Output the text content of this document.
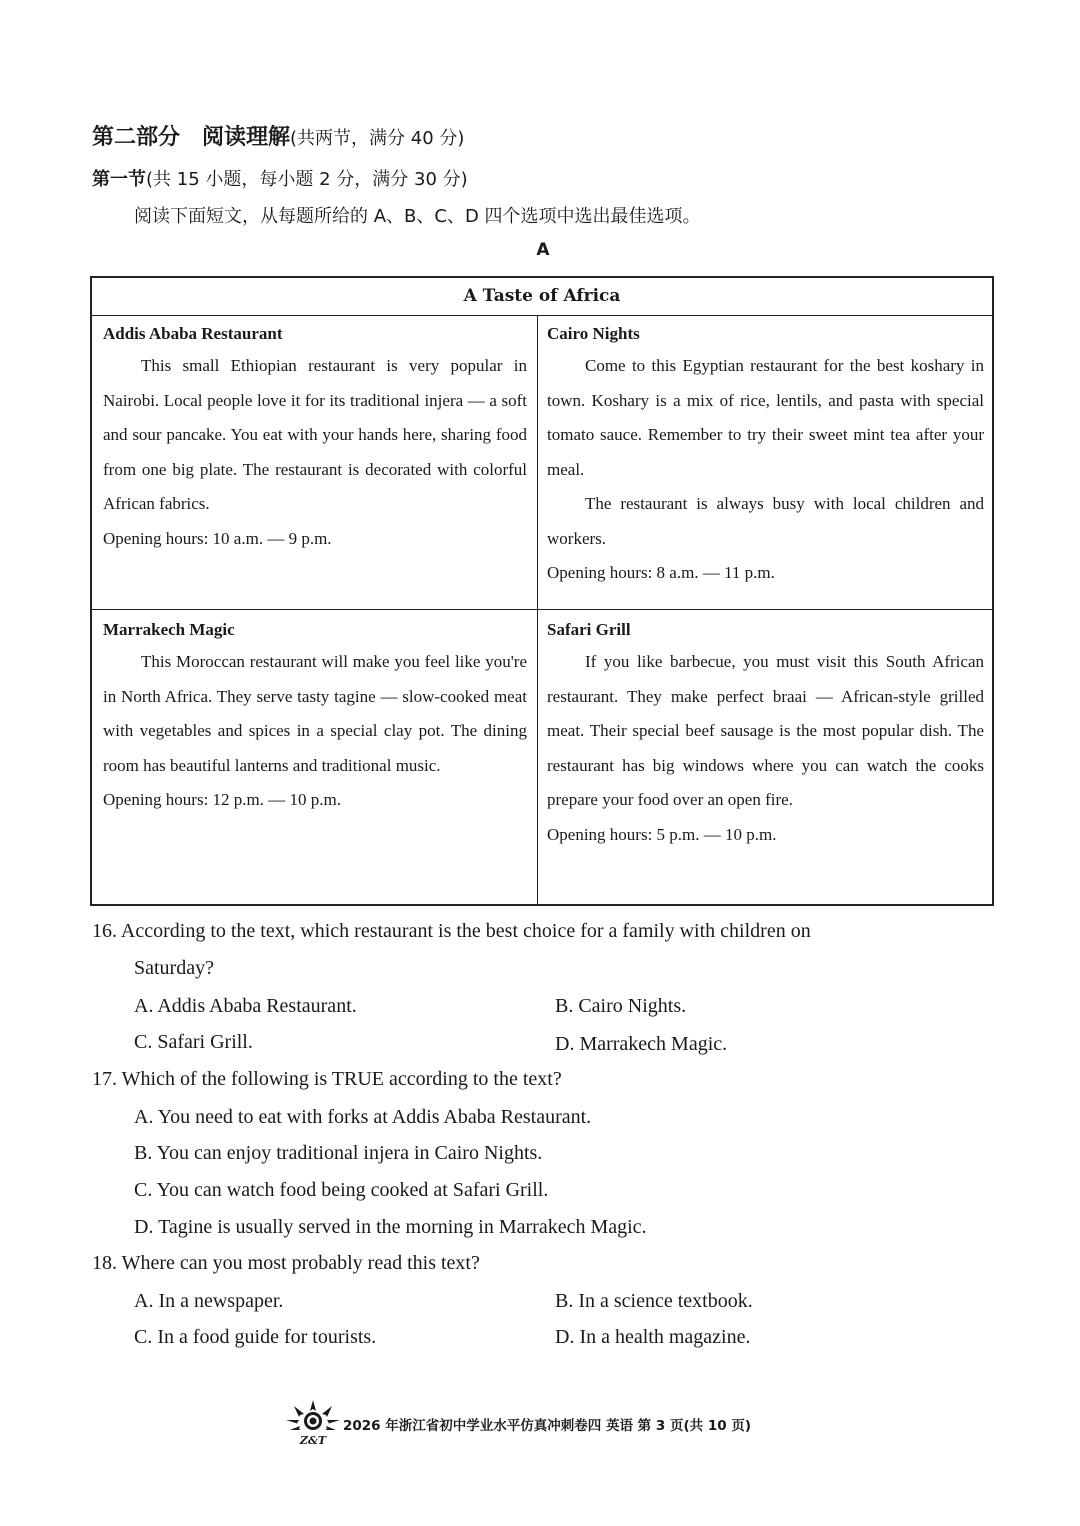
第二部分　阅读理解(共两节，满分 40 分)
第一节(共 15 小题，每小题 2 分，满分 30 分)
阅读下面短文，从每题所给的 A、B、C、D 四个选项中选出最佳选项。
A
A Taste of Africa
Addis Ababa Restaurant

This small Ethiopian restaurant is very popular in Nairobi. Local people love it for its traditional injera — a soft and sour pancake. You eat with your hands here, sharing food from one big plate. The restaurant is decorated with colorful African fabrics.

Opening hours: 10 a.m. — 9 p.m.
Cairo Nights

Come to this Egyptian restaurant for the best koshary in town. Koshary is a mix of rice, lentils, and pasta with special tomato sauce. Remember to try their sweet mint tea after your meal.

The restaurant is always busy with local children and workers.

Opening hours: 8 a.m. — 11 p.m.
Marrakech Magic

This Moroccan restaurant will make you feel like you're in North Africa. They serve tasty tagine — slow-cooked meat with vegetables and spices in a special clay pot. The dining room has beautiful lanterns and traditional music.

Opening hours: 12 p.m. — 10 p.m.
Safari Grill

If you like barbecue, you must visit this South African restaurant. They make perfect braai — African-style grilled meat. Their special beef sausage is the most popular dish. The restaurant has big windows where you can watch the cooks prepare your food over an open fire.

Opening hours: 5 p.m. — 10 p.m.
16. According to the text, which restaurant is the best choice for a family with children on
Saturday?
A. Addis Ababa Restaurant.	B. Cairo Nights.
C. Safari Grill.	D. Marrakech Magic.
17. Which of the following is TRUE according to the text?
A. You need to eat with forks at Addis Ababa Restaurant.
B. You can enjoy traditional injera in Cairo Nights.
C. You can watch food being cooked at Safari Grill.
D. Tagine is usually served in the morning in Marrakech Magic.
18. Where can you most probably read this text?
A. In a newspaper.	B. In a science textbook.
C. In a food guide for tourists.	D. In a health magazine.
Z&T
2026 年浙江省初中学业水平仿真冲刺卷四 英语 第 3 页(共 10 页)
